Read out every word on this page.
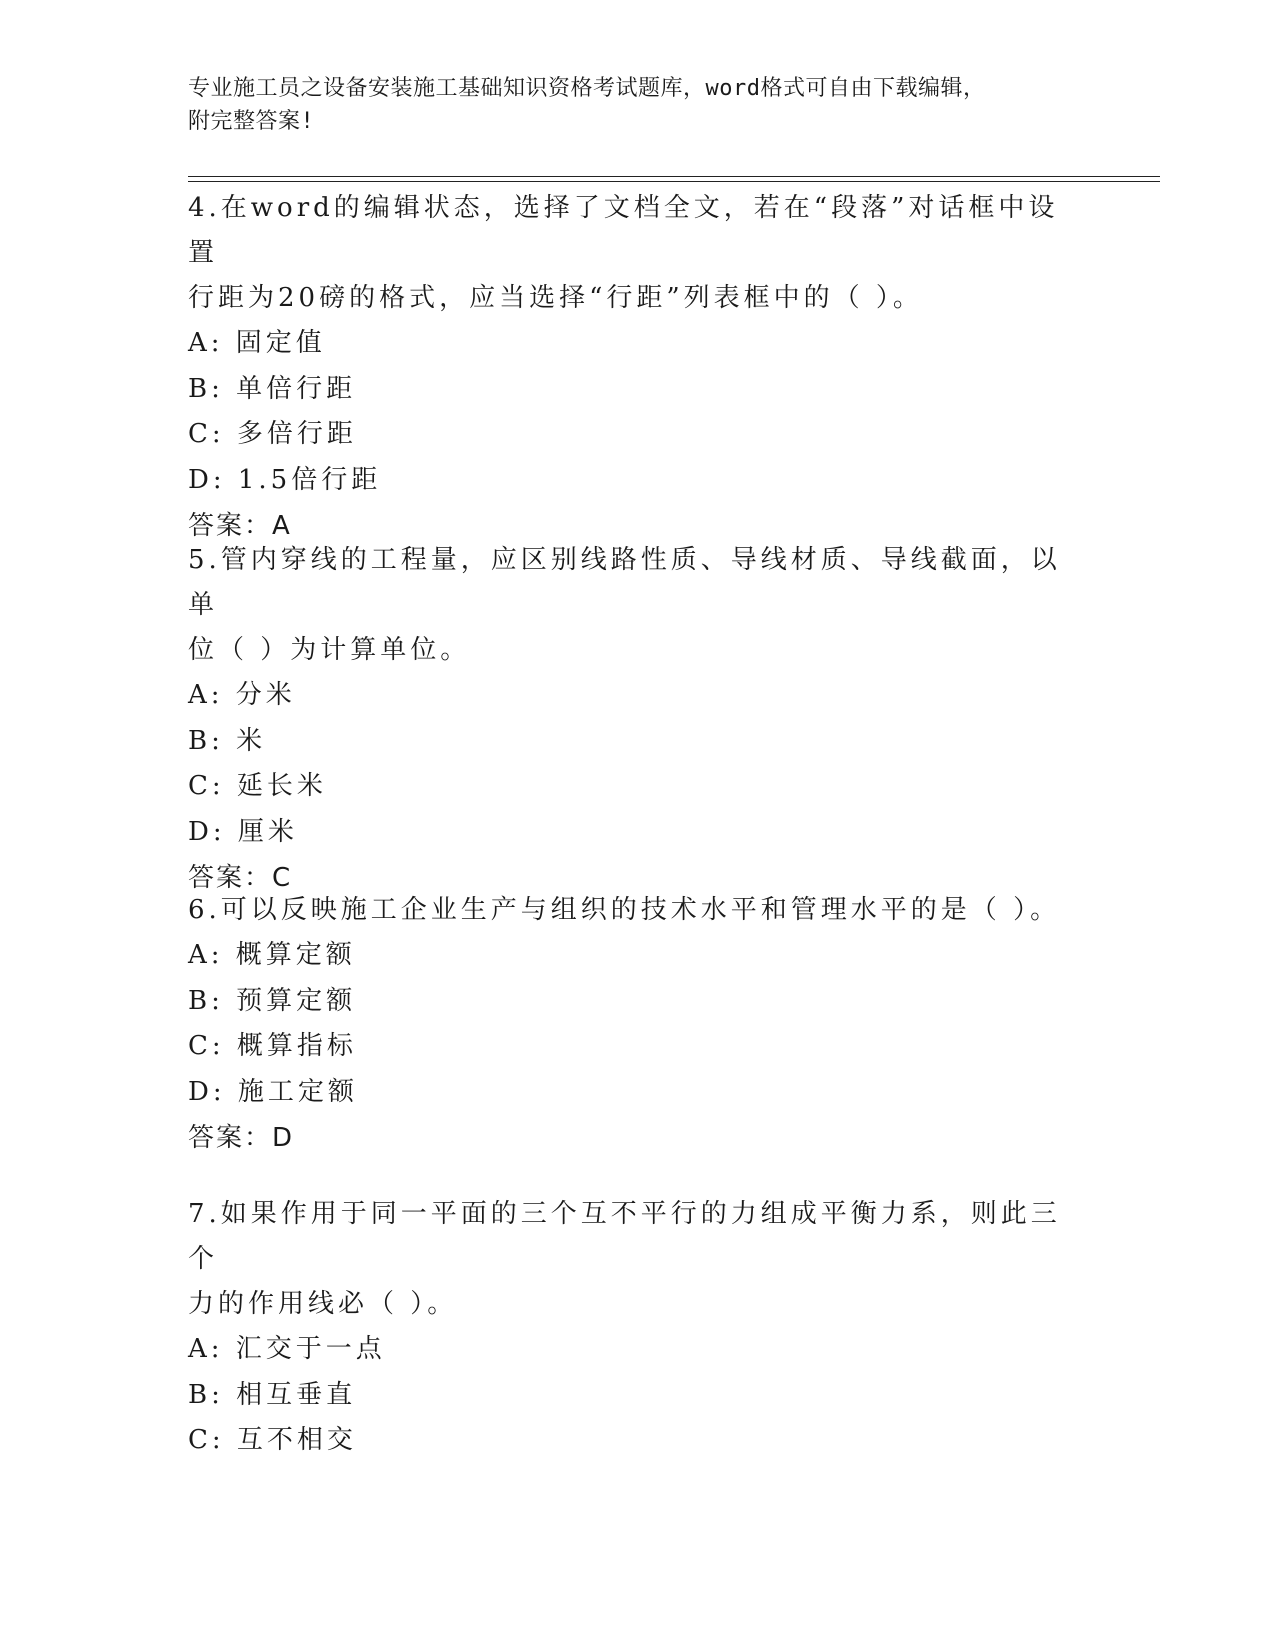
专业施工员之设备安装施工基础知识资格考试题库，word格式可自由下载编辑，
附完整答案!
4.在word的编辑状态，选择了文档全文，若在“段落”对话框中设置
行距为20磅的格式，应当选择“行距”列表框中的（ ）。
A: 固定值
B: 单倍行距
C: 多倍行距
D: 1.5倍行距
答案：A
5.管内穿线的工程量，应区别线路性质、导线材质、导线截面，以单
位（ ）为计算单位。
A: 分米
B: 米
C: 延长米
D: 厘米
答案：C
6.可以反映施工企业生产与组织的技术水平和管理水平的是（ ）。
A: 概算定额
B: 预算定额
C: 概算指标
D: 施工定额
答案：D
7.如果作用于同一平面的三个互不平行的力组成平衡力系，则此三个
力的作用线必（ ）。
A: 汇交于一点
B: 相互垂直
C: 互不相交
